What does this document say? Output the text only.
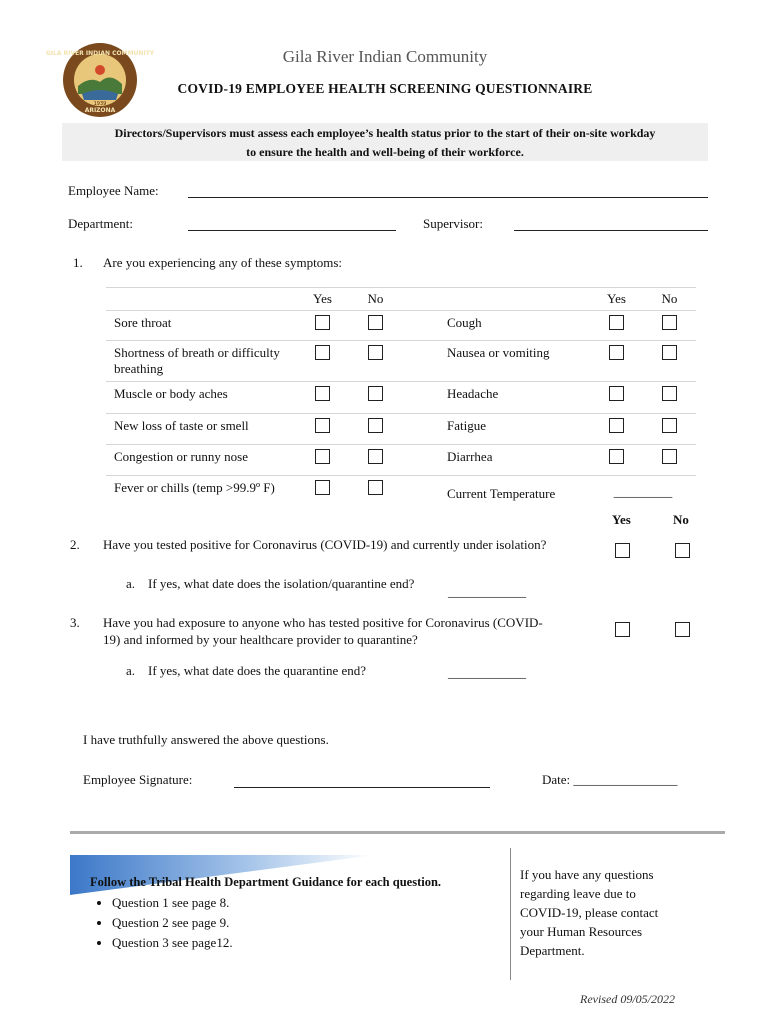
GILA RIVER INDIAN COMMUNITY
ARIZONA
1939
Gila River Indian Community
COVID-19 EMPLOYEE HEALTH SCREENING QUESTIONNAIRE
Directors/Supervisors must assess each employee’s health status prior to the start of their on-site workday
to ensure the health and well-being of their workforce.
Employee Name:
Department:	Supervisor:
1. Are you experiencing any of these symptoms:
	Yes	No		Yes	No
Sore throat			Cough		
Shortness of breath or difficulty breathing			Nausea or vomiting		
Muscle or body aches			Headache		
New loss of taste or smell			Fatigue		
Congestion or runny nose			Diarrhea		
Fever or chills (temp >99.9º F)			Current Temperature	_________	
Yes	No
2. Have you tested positive for Coronavirus (COVID-19) and currently under isolation?
a. If yes, what date does the isolation/quarantine end?
____________
3. Have you had exposure to anyone who has tested positive for Coronavirus (COVID-
19) and informed by your healthcare provider to quarantine?
a. If yes, what date does the quarantine end?	____________
I have truthfully answered the above questions.
Employee Signature:	Date: ________________
Follow the Tribal Health Department Guidance for each question.
• Question 1 see page 8.
• Question 2 see page 9.
• Question 3 see page12.
If you have any questions
regarding leave due to
COVID-19, please contact
your Human Resources
Department.
Revised 09/05/2022
